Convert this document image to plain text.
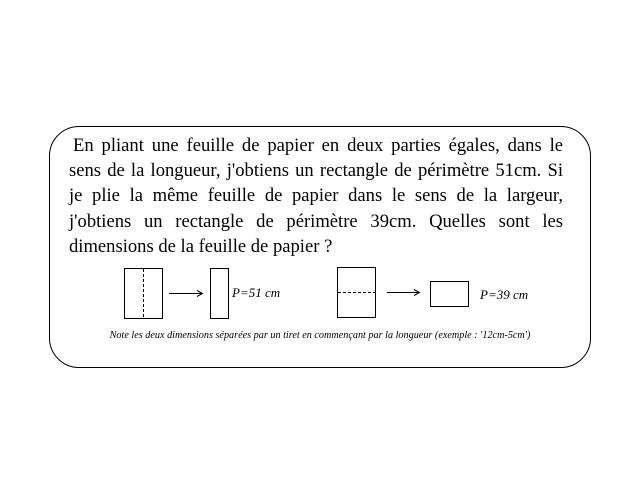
En pliant une feuille de papier en deux parties égales, dans le sens de la longueur, j'obtiens un rectangle de périmètre 51cm. Si je plie la même feuille de papier dans le sens de la largeur, j'obtiens un rectangle de périmètre 39cm. Quelles sont les dimensions de la feuille de papier ?

P=51 cm	P=39 cm

Note les deux dimensions séparées par un tiret en commençant par la longueur (exemple : '12cm-5cm')
